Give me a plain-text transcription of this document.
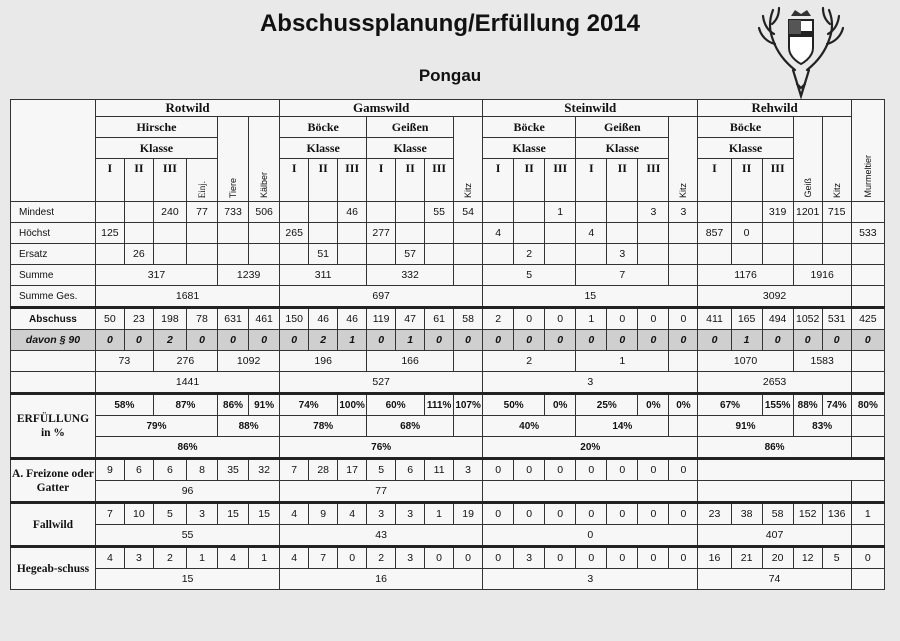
Abschussplanung/Erfüllung 2014
Pongau
	Rotwild						Gamswild							Steinwild							Rehwild					Murmeltier
	Hirsche				Tiere	Kälber	Böcke			Geißen			Kitz	Böcke			Geißen			Kitz	Böcke			Geiß	Kitz	
	Klasse						Klasse			Klasse				Klasse			Klasse				Klasse					
	I	II	III	Einj.			I	II	III	I	II	III		I	II	III	I	II	III		I	II	III			
Mindest			240	77	733	506			46			55	54			1			3	3			319	1201	715	
Höchst	125						265			277				4			4				857	0				533
Ersatz		26						51			57				2			3								
Summe	317				1239		311			332				5			7				1176			1916		
Summe Ges.	1681						697							15							3092					
Abschuss	50	23	198	78	631	461	150	46	46	119	47	61	58	2	0	0	1	0	0	0	411	165	494	1052	531	425
davon § 90	0	0	2	0	0	0	0	2	1	0	1	0	0	0	0	0	0	0	0	0	0	1	0	0	0	0
	73		276		1092		196			166				2			1				1070			1583		
	1441						527							3							2653					
ERFÜLLUNG in %	58%		87%		86%	91%	74%		100%	60%		111%	107%	50%		0%	25%		0%	0%	67%		155%	88%	74%	80%
	79%				88%		78%			68%				40%			14%				91%			83%		
	86%						76%							20%							86%					
A. Freizone oder Gatter	9	6	6	8	35	32	7	28	17	5	6	11	3	0	0	0	0	0	0	0						
	96						77																			
Fallwild	7	10	5	3	15	15	4	9	4	3	3	1	19	0	0	0	0	0	0	0	23	38	58	152	136	1
	55						43							0							407					
Hegeab-schuss	4	3	2	1	4	1	4	7	0	2	3	0	0	0	3	0	0	0	0	0	16	21	20	12	5	0
	15						16							3							74					
